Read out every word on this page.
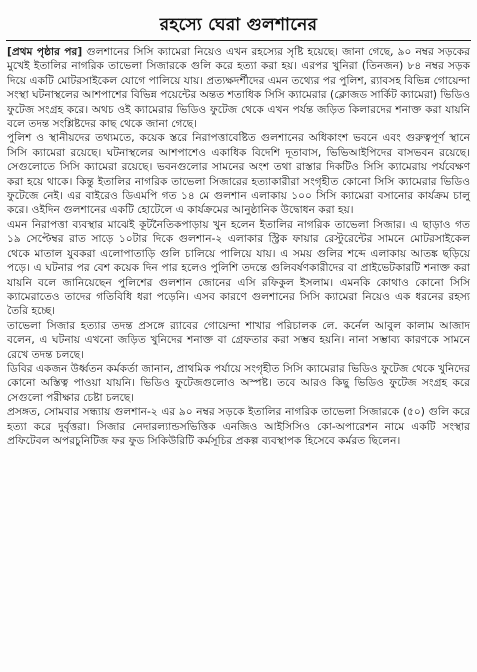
রহস্যে ঘেরা গুলশানের

[প্রথম পৃষ্ঠার পর] গুলশানের সিসি ক্যামেরা নিয়েও এখন রহস্যের সৃষ্টি হয়েছে। জানা গেছে, ৯০ নম্বর সড়কের মুখেই ইতালির নাগরিক তাভেলা সিজারকে গুলি করে হত্যা করা হয়। এরপর খুনিরা (তিনজন) ৮৪ নম্বর সড়ক দিয়ে একটি মোটরসাইকেল যোগে পালিয়ে যায়। প্রত্যক্ষদর্শীদের এমন তথ্যের পর পুলিশ, র‌্যাবসহ বিভিন্ন গোয়েন্দা সংস্থা ঘটনাস্থলের আশপাশের বিভিন্ন পয়েন্টের অন্তত শতাধিক সিসি ক্যামেরার (ক্লোজড সার্কিট ক্যামেরা) ভিডিও ফুটেজ সংগ্রহ করে। অথচ ওই ক্যামেরার ভিডিও ফুটেজ থেকে এখন পর্যন্ত জড়িত কিলারদের শনাক্ত করা যায়নি বলে তদন্ত সংশ্লিষ্টদের কাছ থেকে জানা গেছে।

পুলিশ ও স্থানীয়দের তথ্যমতে, কয়েক স্তরে নিরাপত্তাবেষ্টিত গুলশানের অধিকাংশ ভবনে এবং গুরুত্বপূর্ণ স্থানে সিসি ক্যামেরা রয়েছে। ঘটনাস্থলের আশপাশেও একাধিক বিদেশি দূতাবাস, ভিভিআইপিদের বাসভবন রয়েছে। সেগুলোতে সিসি ক্যামেরা রয়েছে। ভবনগুলোর সামনের অংশ তথা রাস্তার দিকটিও সিসি ক্যামেরায় পর্যবেক্ষণ করা হয়ে থাকে। কিন্তু ইতালির নাগরিক তাভেলা সিজারের হত্যাকারীরা সংগৃহীত কোনো সিসি ক্যামেরার ভিডিও ফুটেজে নেই। এর বাইরেও ডিএমপি গত ১৪ মে গুলশান এলাকায় ১০০ সিসি ক্যামেরা বসানোর কার্যক্রম চালু করে। ওইদিন গুলশানের একটি হোটেলে এ কার্যক্রমের আনুষ্ঠানিক উদ্বোধন করা হয়।

এমন নিরাপত্তা ব্যবস্থার মাঝেই কূটনৈতিকপাড়ায় খুন হলেন ইতালির নাগরিক তাভেলা সিজার। এ ছাড়াও গত ১৯ সেপ্টেম্বর রাত সাড়ে ১০টার দিকে গুলশান-২ এলাকার স্ট্রিক ফায়ার রেস্টুরেন্টের সামনে মোটরসাইকেল থেকে মাতাল যুবকরা এলোপাতাড়ি গুলি চালিয়ে পালিয়ে যায়। এ সময় গুলির শব্দে এলাকায় আতঙ্ক ছড়িয়ে পড়ে। এ ঘটনার পর বেশ কয়েক দিন পার হলেও পুলিশি তদন্তে গুলিবর্ষণকারীদের বা প্রাইভেটকারটি শনাক্ত করা যায়নি বলে জানিয়েছেন পুলিশের গুলশান জোনের এসি রফিকুল ইসলাম। এমনকি কোথাও কোনো সিসি ক্যামেরাতেও তাদের গতিবিধি ধরা পড়েনি। এসব কারণে গুলশানের সিসি ক্যামেরা নিয়েও এক ধরনের রহস্য তৈরি হচ্ছে।

তাভেলা সিজার হত্যার তদন্ত প্রসঙ্গে র‌্যাবের গোয়েন্দা শাখার পরিচালক লে. কর্নেল আবুল কালাম আজাদ বলেন, এ ঘটনায় এখনো জড়িত খুনিদের শনাক্ত বা গ্রেফতার করা সম্ভব হয়নি। নানা সম্ভাব্য কারণকে সামনে রেখে তদন্ত চলছে।

ডিবির একজন উর্ধ্বতন কর্মকর্তা জানান, প্রাথমিক পর্যায়ে সংগৃহীত সিসি ক্যামেরার ভিডিও ফুটেজ থেকে খুনিদের কোনো অস্তিত্ব পাওয়া যায়নি। ভিডিও ফুটেজগুলোও অস্পষ্ট। তবে আরও কিছু ভিডিও ফুটেজ সংগ্রহ করে সেগুলো পরীক্ষার চেষ্টা চলছে।

প্রসঙ্গত, সোমবার সন্ধ্যায় গুলশান-২ এর ৯০ নম্বর সড়কে ইতালির নাগরিক তাভেলা সিজারকে (৫০) গুলি করে হত্যা করে দুর্বৃত্তরা। সিজার নেদারল্যান্ডসভিত্তিক এনজিও আইসিসিও কো-অপারেশন নামে একটি সংস্থার প্রফিটেবল অপরচুনিটিজ ফর ফুড সিকিউরিটি কর্মসূচির প্রকল্প ব্যবস্থাপক হিসেবে কর্মরত ছিলেন।
